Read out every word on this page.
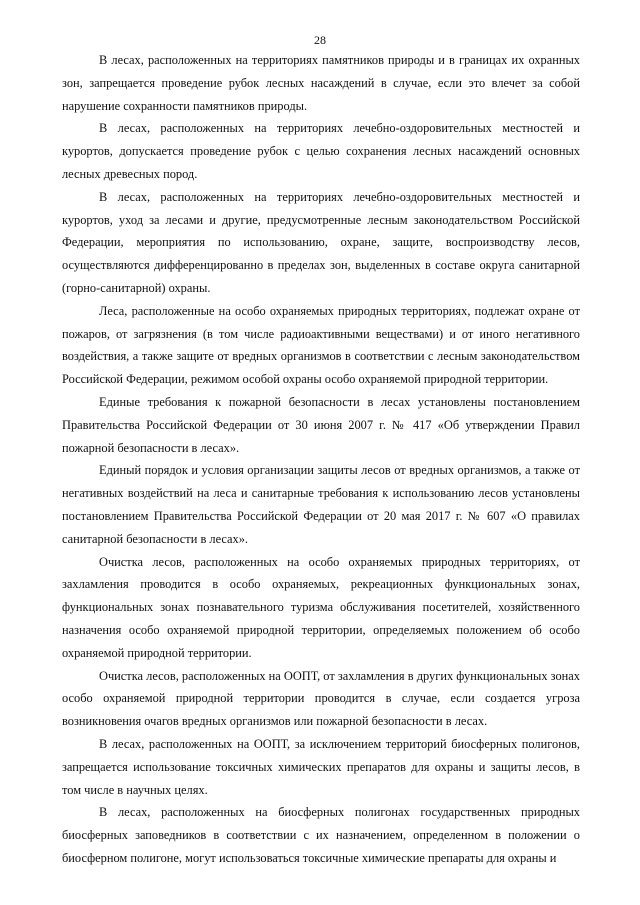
28

В лесах, расположенных на территориях памятников природы и в границах их охранных зон, запрещается проведение рубок лесных насаждений в случае, если это влечет за собой нарушение сохранности памятников природы.

В лесах, расположенных на территориях лечебно-оздоровительных местностей и курортов, допускается проведение рубок с целью сохранения лесных насаждений основных лесных древесных пород.

В лесах, расположенных на территориях лечебно-оздоровительных местностей и курортов, уход за лесами и другие, предусмотренные лесным законодательством Российской Федерации, мероприятия по использованию, охране, защите, воспроизводству лесов, осуществляются дифференцированно в пределах зон, выделенных в составе округа санитарной (горно-санитарной) охраны.

Леса, расположенные на особо охраняемых природных территориях, подлежат охране от пожаров, от загрязнения (в том числе радиоактивными веществами) и от иного негативного воздействия, а также защите от вредных организмов в соответствии с лесным законодательством Российской Федерации, режимом особой охраны особо охраняемой природной территории.

Единые требования к пожарной безопасности в лесах установлены постановлением Правительства Российской Федерации от 30 июня 2007 г. № 417 «Об утверждении Правил пожарной безопасности в лесах».

Единый порядок и условия организации защиты лесов от вредных организмов, а также от негативных воздействий на леса и санитарные требования к использованию лесов установлены постановлением Правительства Российской Федерации от 20 мая 2017 г. № 607 «О правилах санитарной безопасности в лесах».

Очистка лесов, расположенных на особо охраняемых природных территориях, от захламления проводится в особо охраняемых, рекреационных функциональных зонах, функциональных зонах познавательного туризма обслуживания посетителей, хозяйственного назначения особо охраняемой природной территории, определяемых положением об особо охраняемой природной территории.

Очистка лесов, расположенных на ООПТ, от захламления в других функциональных зонах особо охраняемой природной территории проводится в случае, если создается угроза возникновения очагов вредных организмов или пожарной безопасности в лесах.

В лесах, расположенных на ООПТ, за исключением территорий биосферных полигонов, запрещается использование токсичных химических препаратов для охраны и защиты лесов, в том числе в научных целях.

В лесах, расположенных на биосферных полигонах государственных природных биосферных заповедников в соответствии с их назначением, определенном в положении о биосферном полигоне, могут использоваться токсичные химические препараты для охраны и
